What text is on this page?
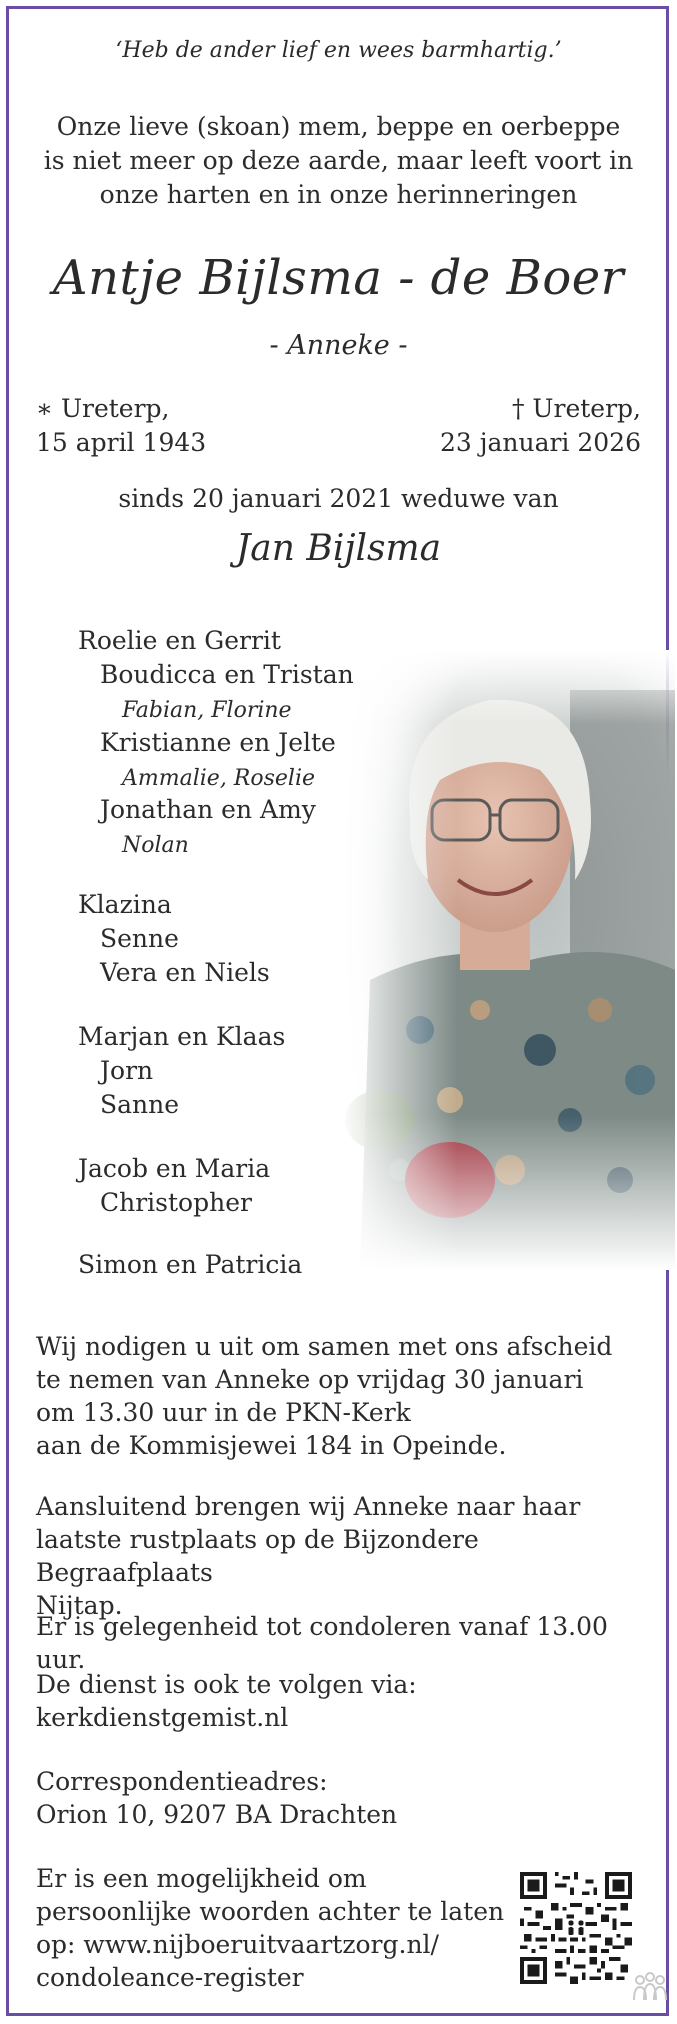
‘Heb de ander lief en wees barmhartig.’
Onze lieve (skoan) mem, beppe en oerbeppe
is niet meer op deze aarde, maar leeft voort in
onze harten en in onze herinneringen
Antje Bijlsma - de Boer
- Anneke -
∗ Ureterp,
15 april 1943
† Ureterp,
23 januari 2026
sinds 20 januari 2021 weduwe van
Jan Bijlsma
Roelie en Gerrit
Boudicca en Tristan
Fabian, Florine
Kristianne en Jelte
Ammalie, Roselie
Jonathan en Amy
Nolan
Klazina
Senne
Vera en Niels
Marjan en Klaas
Jorn
Sanne
Jacob en Maria
Christopher
Simon en Patricia
Wij nodigen u uit om samen met ons afscheid
te nemen van Anneke op vrijdag 30 januari
om 13.30 uur in de PKN-Kerk
aan de Kommisjewei 184 in Opeinde.
Aansluitend brengen wij Anneke naar haar
laatste rustplaats op de Bijzondere Begraafplaats
Nijtap.
Er is gelegenheid tot condoleren vanaf 13.00 uur.
De dienst is ook te volgen via:
kerkdienstgemist.nl
Correspondentieadres:
Orion 10, 9207 BA Drachten
Er is een mogelijkheid om
persoonlijke woorden achter te laten
op: www.nijboeruitvaartzorg.nl/
condoleance-register
